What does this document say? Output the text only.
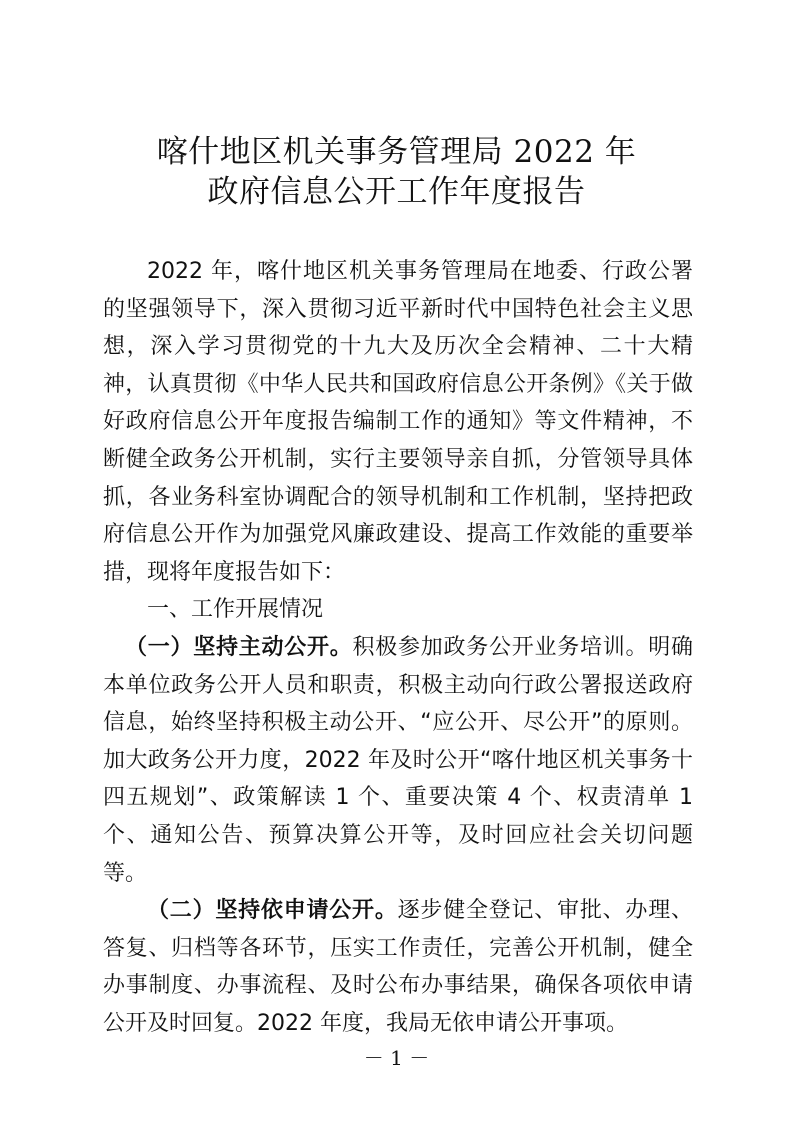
喀什地区机关事务管理局 2022 年
政府信息公开工作年度报告

2022 年，喀什地区机关事务管理局在地委、行政公署的坚强领导下，深入贯彻习近平新时代中国特色社会主义思想，深入学习贯彻党的十九大及历次全会精神、二十大精神，认真贯彻《中华人民共和国政府信息公开条例》《关于做好政府信息公开年度报告编制工作的通知》等文件精神，不断健全政务公开机制，实行主要领导亲自抓，分管领导具体抓，各业务科室协调配合的领导机制和工作机制，坚持把政府信息公开作为加强党风廉政建设、提高工作效能的重要举措，现将年度报告如下：

一、工作开展情况

（一）坚持主动公开。积极参加政务公开业务培训。明确本单位政务公开人员和职责，积极主动向行政公署报送政府信息，始终坚持积极主动公开、“应公开、尽公开”的原则。加大政务公开力度，2022 年及时公开“喀什地区机关事务十四五规划”、政策解读 1 个、重要决策 4 个、权责清单 1 个、通知公告、预算决算公开等，及时回应社会关切问题等。

（二）坚持依申请公开。逐步健全登记、审批、办理、答复、归档等各环节，压实工作责任，完善公开机制，健全办事制度、办事流程、及时公布办事结果，确保各项依申请公开及时回复。2022 年度，我局无依申请公开事项。

－ 1 －
